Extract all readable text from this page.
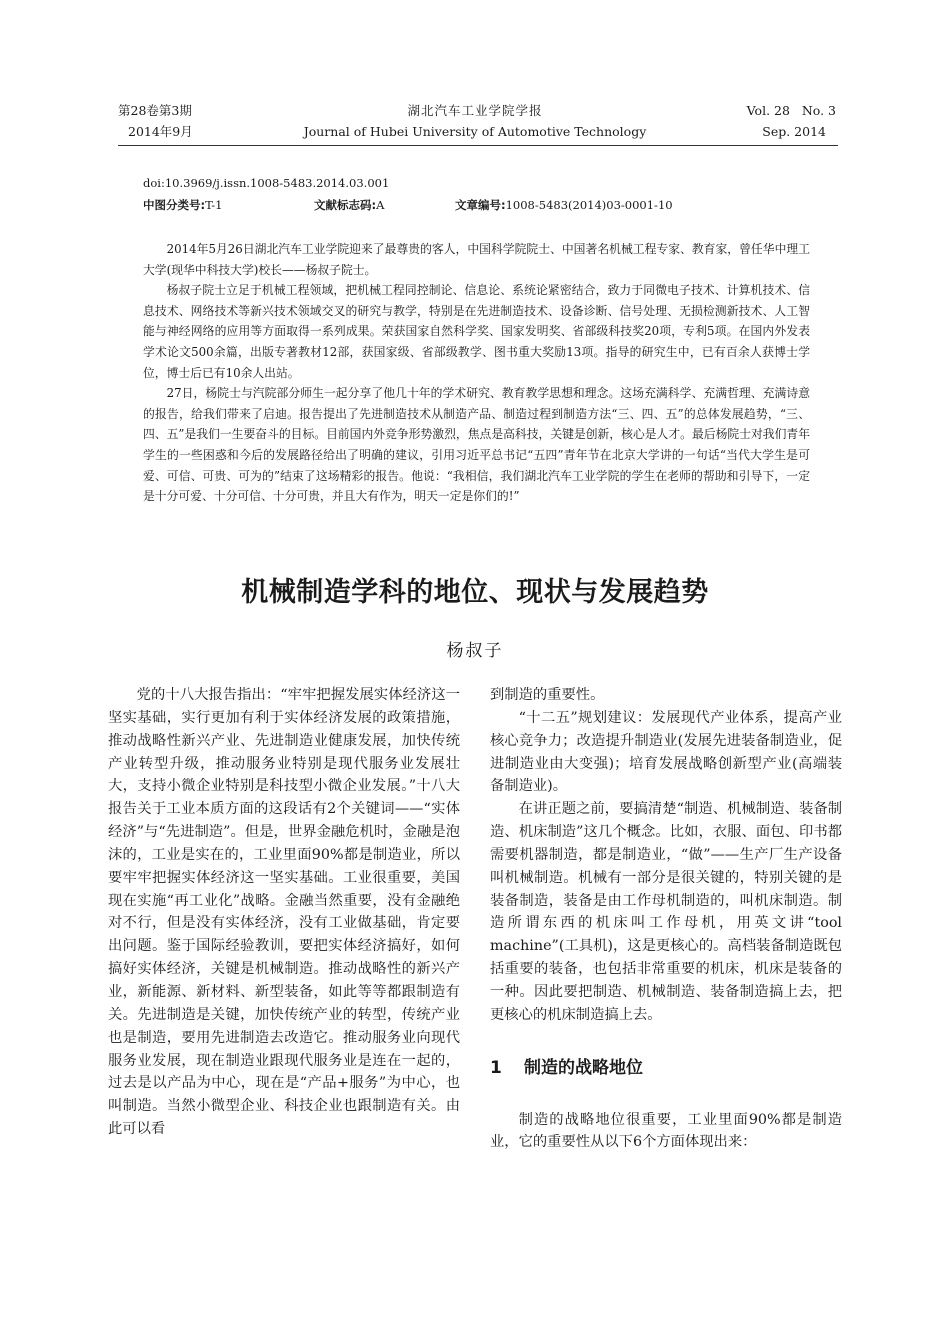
第28卷第3期
2014年9月
湖北汽车工业学院学报
Journal of Hubei University of Automotive Technology
Vol. 28   No. 3
Sep. 2014
doi:10.3969/j.issn.1008-5483.2014.03.001
中图分类号:T-1	文献标志码:A	文章编号:1008-5483(2014)03-0001-10

2014年5月26日湖北汽车工业学院迎来了最尊贵的客人，中国科学院院士、中国著名机械工程专家、教育家，曾任华中理工大学(现华中科技大学)校长——杨叔子院士。

杨叔子院士立足于机械工程领域，把机械工程同控制论、信息论、系统论紧密结合，致力于同微电子技术、计算机技术、信息技术、网络技术等新兴技术领域交叉的研究与教学，特别是在先进制造技术、设备诊断、信号处理、无损检测新技术、人工智能与神经网络的应用等方面取得一系列成果。荣获国家自然科学奖、国家发明奖、省部级科技奖20项，专利5项。在国内外发表学术论文500余篇，出版专著教材12部，获国家级、省部级教学、图书重大奖励13项。指导的研究生中，已有百余人获博士学位，博士后已有10余人出站。

27日，杨院士与汽院部分师生一起分享了他几十年的学术研究、教育教学思想和理念。这场充满科学、充满哲理、充满诗意的报告，给我们带来了启迪。报告提出了先进制造技术从制造产品、制造过程到制造方法“三、四、五”的总体发展趋势，“三、四、五”是我们一生要奋斗的目标。目前国内外竞争形势激烈，焦点是高科技，关键是创新，核心是人才。最后杨院士对我们青年学生的一些困惑和今后的发展路径给出了明确的建议，引用习近平总书记“五四”青年节在北京大学讲的一句话“当代大学生是可爱、可信、可贵、可为的”结束了这场精彩的报告。他说：“我相信，我们湖北汽车工业学院的学生在老师的帮助和引导下，一定是十分可爱、十分可信、十分可贵，并且大有作为，明天一定是你们的!”

机械制造学科的地位、现状与发展趋势
杨叔子

党的十八大报告指出：“牢牢把握发展实体经济这一坚实基础，实行更加有利于实体经济发展的政策措施，推动战略性新兴产业、先进制造业健康发展，加快传统产业转型升级，推动服务业特别是现代服务业发展壮大，支持小微企业特别是科技型小微企业发展。”十八大报告关于工业本质方面的这段话有2个关键词——“实体经济”与“先进制造”。但是，世界金融危机时，金融是泡沫的，工业是实在的，工业里面90%都是制造业，所以要牢牢把握实体经济这一坚实基础。工业很重要，美国现在实施“再工业化”战略。金融当然重要，没有金融绝对不行，但是没有实体经济，没有工业做基础，肯定要出问题。鉴于国际经验教训，要把实体经济搞好，如何搞好实体经济，关键是机械制造。推动战略性的新兴产业，新能源、新材料、新型装备，如此等等都跟制造有关。先进制造是关键，加快传统产业的转型，传统产业也是制造，要用先进制造去改造它。推动服务业向现代服务业发展，现在制造业跟现代服务业是连在一起的，过去是以产品为中心，现在是“产品+服务”为中心，也叫制造。当然小微型企业、科技企业也跟制造有关。由此可以看

到制造的重要性。

“十二五”规划建议：发展现代产业体系，提高产业核心竞争力；改造提升制造业(发展先进装备制造业，促进制造业由大变强)；培育发展战略创新型产业(高端装备制造业)。

在讲正题之前，要搞清楚“制造、机械制造、装备制造、机床制造”这几个概念。比如，衣服、面包、印书都需要机器制造，都是制造业，“做”——生产厂生产设备叫机械制造。机械有一部分是很关键的，特别关键的是装备制造，装备是由工作母机制造的，叫机床制造。制造所谓东西的机床叫工作母机，用英文讲“tool machine”(工具机)，这是更核心的。高档装备制造既包括重要的装备，也包括非常重要的机床，机床是装备的一种。因此要把制造、机械制造、装备制造搞上去，把更核心的机床制造搞上去。

1 制造的战略地位

制造的战略地位很重要，工业里面90%都是制造业，它的重要性从以下6个方面体现出来：
